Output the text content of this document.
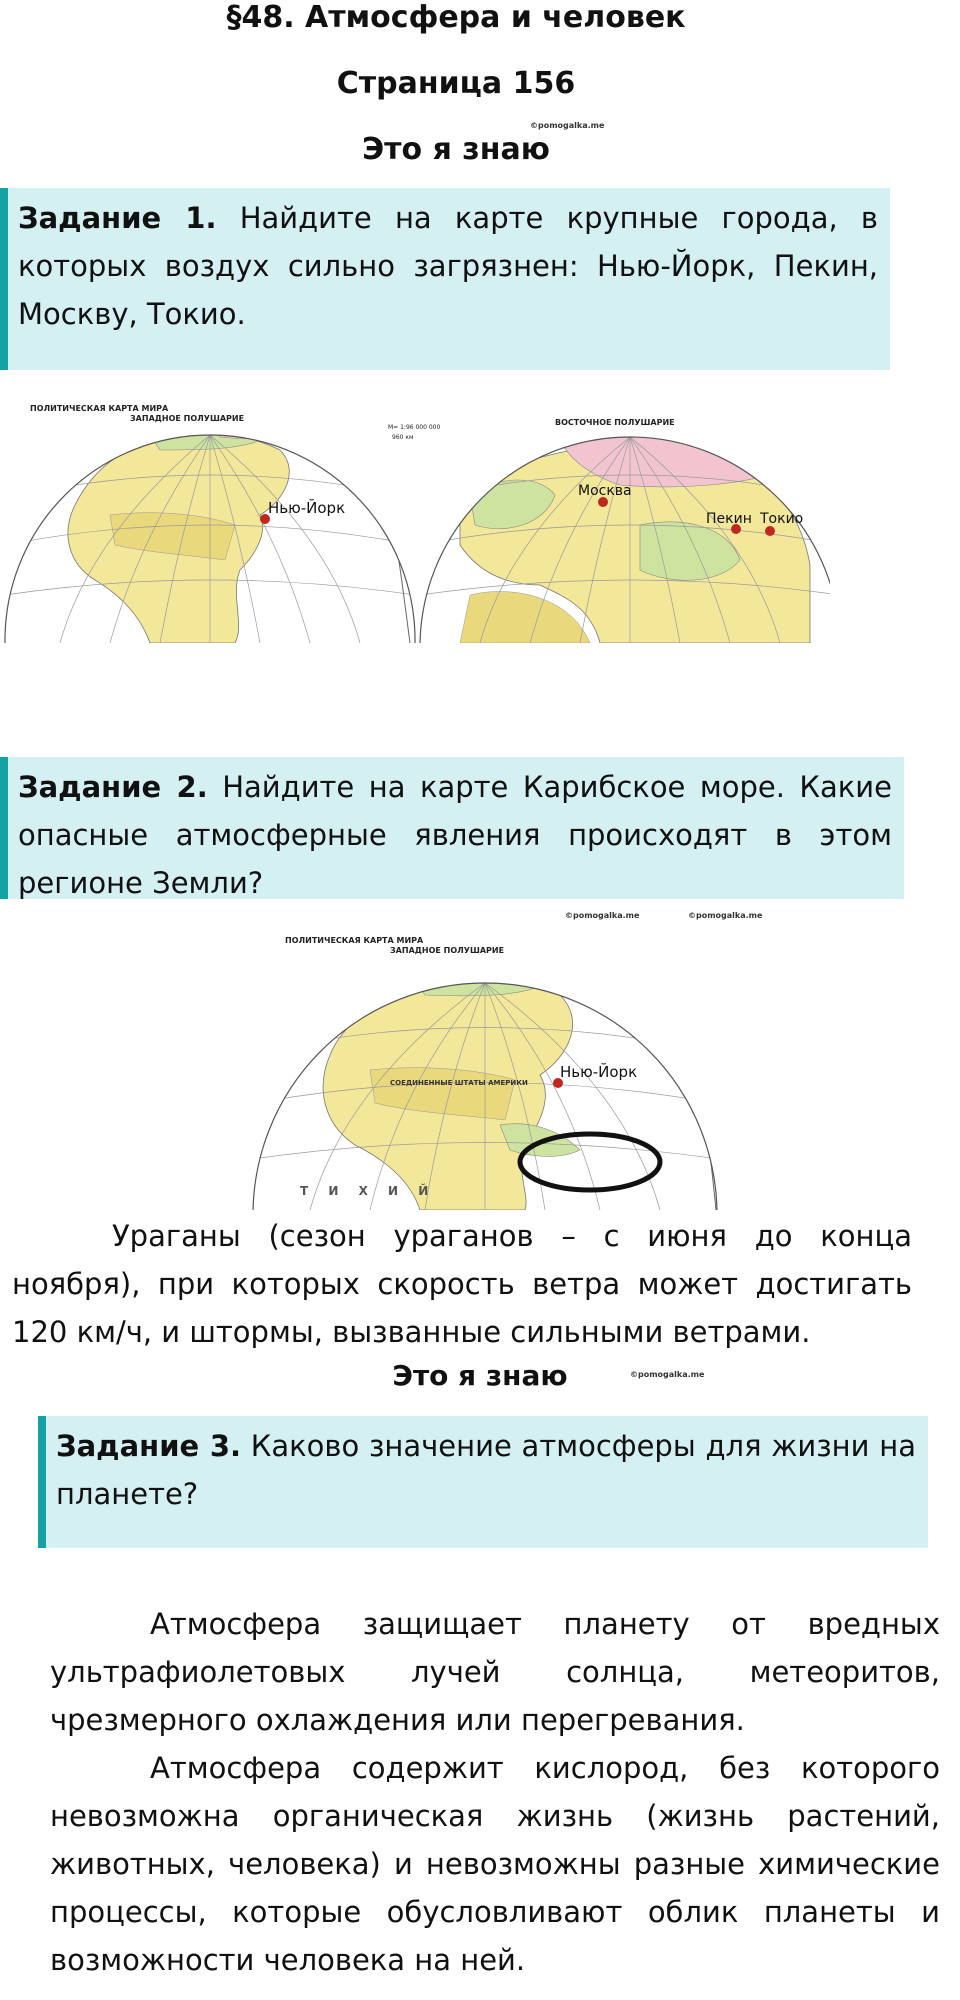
§48. Атмосфера и человек
Страница 156
©pomogalka.me
Это я знаю
Задание 1. Найдите на карте крупные города, в которых воздух сильно загрязнен: Нью-Йорк, Пекин, Москву, Токио.
ПОЛИТИЧЕСКАЯ КАРТА МИРА
ЗАПАДНОЕ ПОЛУШАРИЕ
М= 1:96 000 000
960 км
Нью-Йорк
ВОСТОЧНОЕ ПОЛУШАРИЕ
Москва
Пекин Токио
Задание 2. Найдите на карте Карибское море. Какие опасные атмосферные явления происходят в этом регионе Земли?
©pomogalka.me	©pomogalka.me
ПОЛИТИЧЕСКАЯ КАРТА МИРА
ЗАПАДНОЕ ПОЛУШАРИЕ
СОЕДИНЕННЫЕ ШТАТЫ АМЕРИКИ
Нью-Йорк
Т И Х И Й
Ураганы (сезон ураганов – с июня до конца ноября), при которых скорость ветра может достигать 120 км/ч, и штормы, вызванные сильными ветрами.
Это я знаю	©pomogalka.me
Задание 3. Каково значение атмосферы для жизни на планете?
Атмосфера защищает планету от вредных ультрафиолетовых лучей солнца, метеоритов, чрезмерного охлаждения или перегревания.
Атмосфера содержит кислород, без которого невозможна органическая жизнь (жизнь растений, животных, человека) и невозможны разные химические процессы, которые обусловливают облик планеты и возможности человека на ней.
